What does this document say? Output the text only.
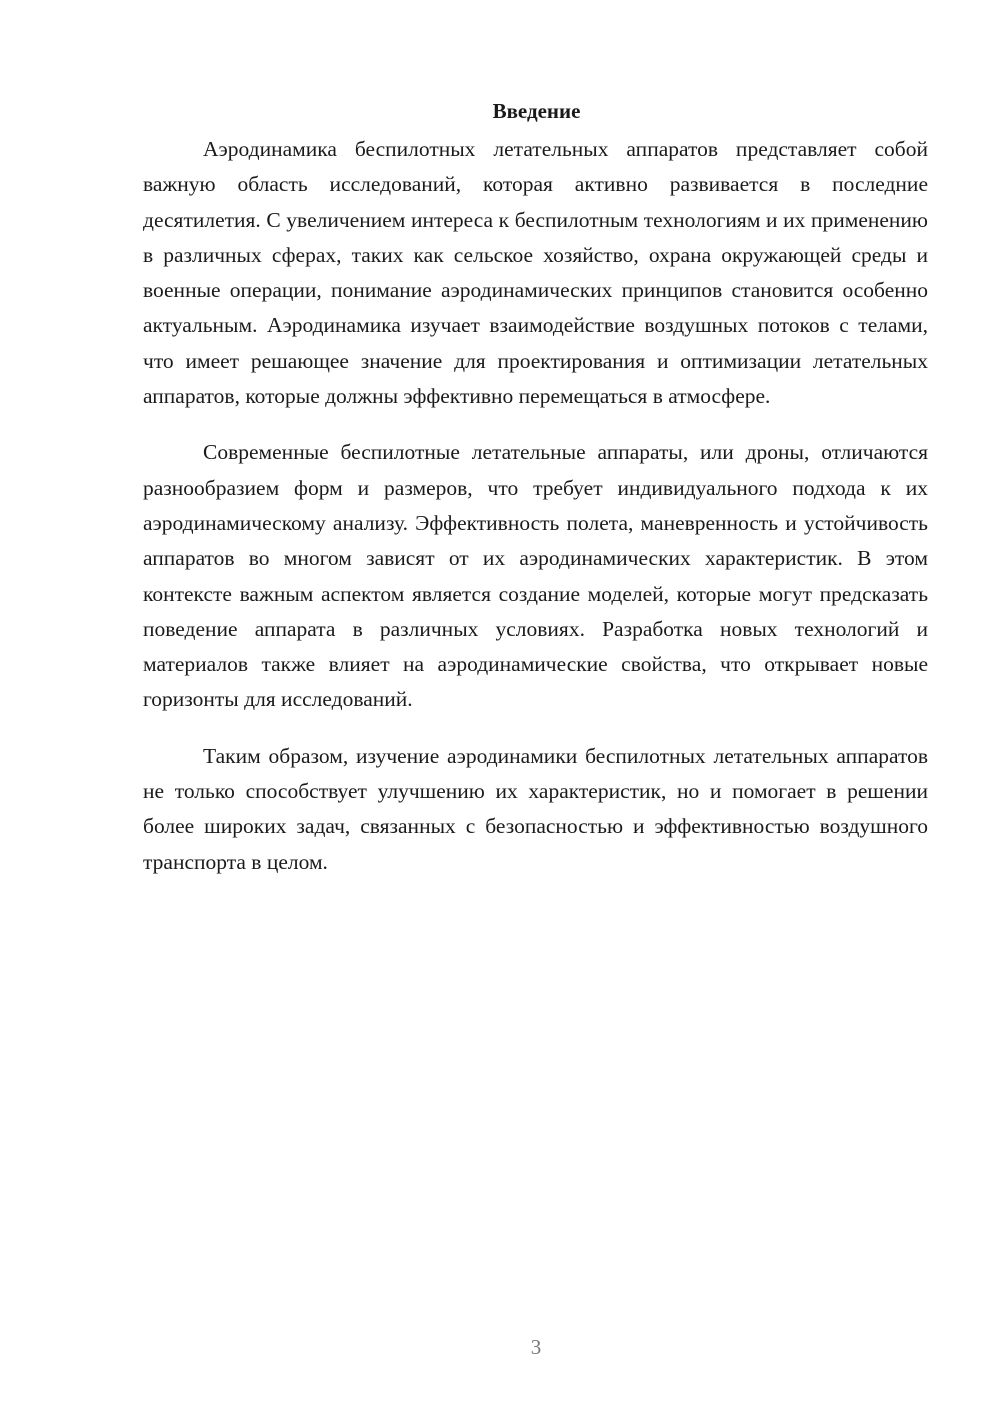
Введение

Аэродинамика беспилотных летательных аппаратов представляет собой важную область исследований, которая активно развивается в последние десятилетия. С увеличением интереса к беспилотным технологиям и их применению в различных сферах, таких как сельское хозяйство, охрана окружающей среды и военные операции, понимание аэродинамических принципов становится особенно актуальным. Аэродинамика изучает взаимодействие воздушных потоков с телами, что имеет решающее значение для проектирования и оптимизации летательных аппаратов, которые должны эффективно перемещаться в атмосфере.

Современные беспилотные летательные аппараты, или дроны, отличаются разнообразием форм и размеров, что требует индивидуального подхода к их аэродинамическому анализу. Эффективность полета, маневренность и устойчивость аппаратов во многом зависят от их аэродинамических характеристик. В этом контексте важным аспектом является создание моделей, которые могут предсказать поведение аппарата в различных условиях. Разработка новых технологий и материалов также влияет на аэродинамические свойства, что открывает новые горизонты для исследований.

Таким образом, изучение аэродинамики беспилотных летательных аппаратов не только способствует улучшению их характеристик, но и помогает в решении более широких задач, связанных с безопасностью и эффективностью воздушного транспорта в целом.

3
